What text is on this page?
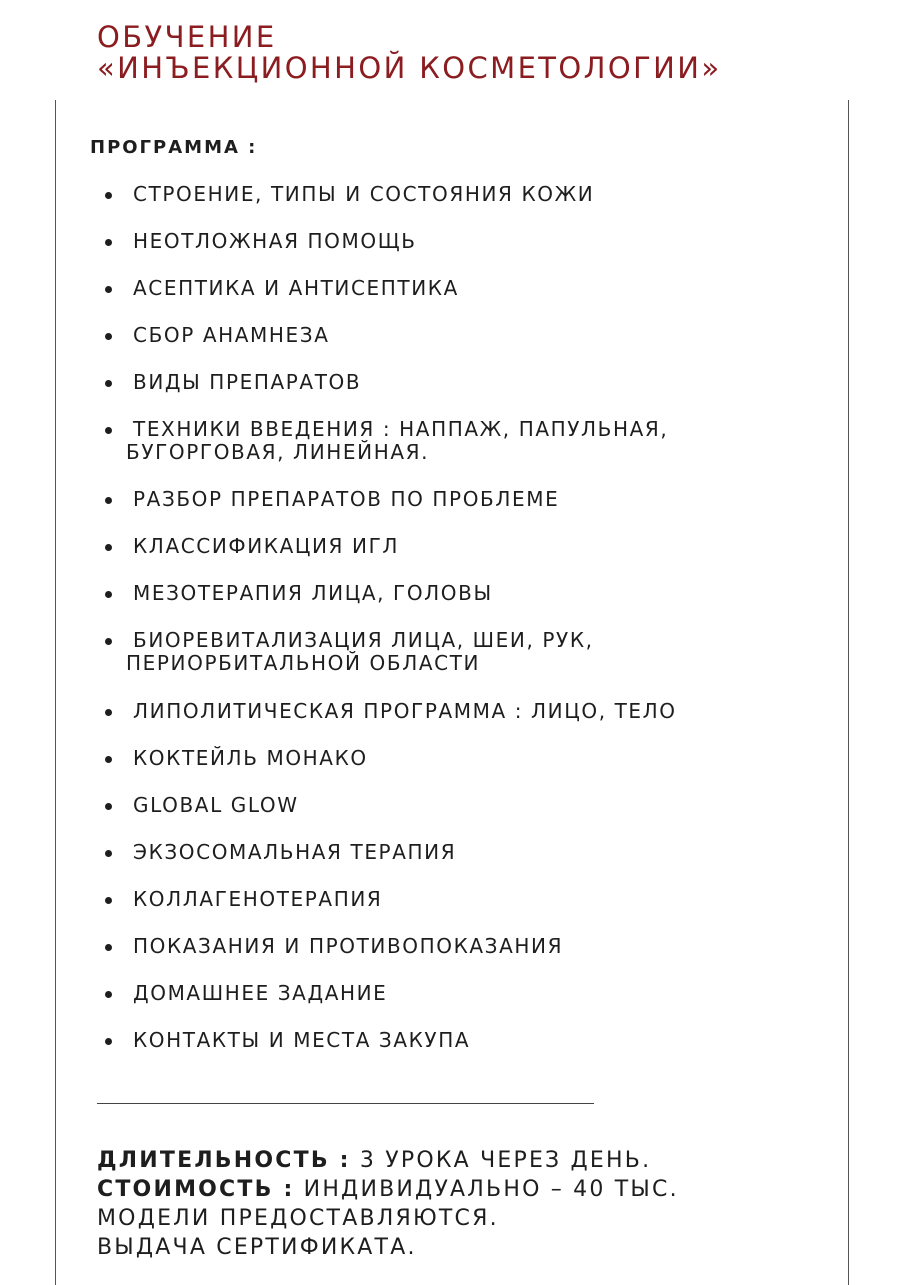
ОБУЧЕНИЕ
«ИНЪЕКЦИОННОЙ КОСМЕТОЛОГИИ»
ПРОГРАММА :
СТРОЕНИЕ, ТИПЫ И СОСТОЯНИЯ КОЖИ
НЕОТЛОЖНАЯ ПОМОЩЬ
АСЕПТИКА И АНТИСЕПТИКА
СБОР АНАМНЕЗА
ВИДЫ ПРЕПАРАТОВ
ТЕХНИКИ ВВЕДЕНИЯ : НАППАЖ, ПАПУЛЬНАЯ,
БУГОРГОВАЯ, ЛИНЕЙНАЯ.
РАЗБОР ПРЕПАРАТОВ ПО ПРОБЛЕМЕ
КЛАССИФИКАЦИЯ ИГЛ
МЕЗОТЕРАПИЯ ЛИЦА, ГОЛОВЫ
БИОРЕВИТАЛИЗАЦИЯ ЛИЦА, ШЕИ, РУК,
ПЕРИОРБИТАЛЬНОЙ ОБЛАСТИ
ЛИПОЛИТИЧЕСКАЯ ПРОГРАММА : ЛИЦО, ТЕЛО
КОКТЕЙЛЬ МОНАКО
GLOBAL GLOW
ЭКЗОСОМАЛЬНАЯ ТЕРАПИЯ
КОЛЛАГЕНОТЕРАПИЯ
ПОКАЗАНИЯ И ПРОТИВОПОКАЗАНИЯ
ДОМАШНЕЕ ЗАДАНИЕ
КОНТАКТЫ И МЕСТА ЗАКУПА
ДЛИТЕЛЬНОСТЬ : 3 УРОКА ЧЕРЕЗ ДЕНЬ.
СТОИМОСТЬ : ИНДИВИДУАЛЬНО – 40 ТЫС.
МОДЕЛИ ПРЕДОСТАВЛЯЮТСЯ.
ВЫДАЧА СЕРТИФИКАТА.
